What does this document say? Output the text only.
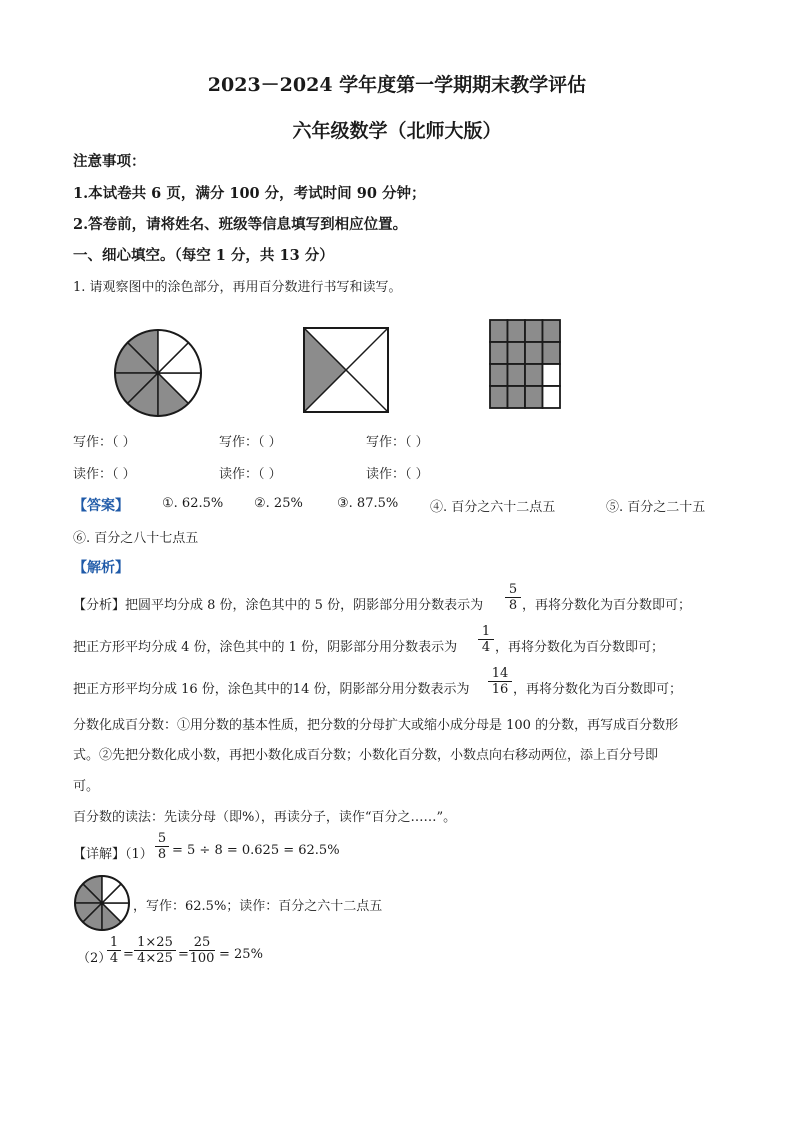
2023－2024 学年度第一学期期末教学评估
六年级数学（北师大版）
注意事项：
1.本试卷共 6 页，满分 100 分，考试时间 90 分钟；
2.答卷前，请将姓名、班级等信息填写到相应位置。
一、细心填空。（每空 1 分，共 13 分）
1. 请观察图中的涂色部分，再用百分数进行书写和读写。
写作：（ ）	写作：（ ）	写作：（ ）
读作：（ ）	读作：（ ）	读作：（ ）
【答案】	①. 62.5% ②. 25%	③. 87.5% ④. 百分之六十二点五	⑤. 百分之二十五
⑥. 百分之八十七点五
【解析】
【分析】把圆平均分成 8 份，涂色其中的 5 份，阴影部分用分数表示为 $\frac{5}{8}$ ，再将分数化为百分数即可；
把正方形平均分成 4 份，涂色其中的 1 份，阴影部分用分数表示为 $\frac{1}{4}$ ，再将分数化为百分数即可；
把正方形平均分成 16 份，涂色其中的14 份，阴影部分用分数表示为 $\frac{14}{16}$ ，再将分数化为百分数即可；
分数化成百分数：①用分数的基本性质，把分数的分母扩大或缩小成分母是 100 的分数，再写成百分数形
式。②先把分数化成小数，再把小数化成百分数；小数化百分数，小数点向右移动两位，添上百分号即
可。
百分数的读法：先读分母（即%），再读分子，读作“百分之……”。
【详解】$(1) \frac{5}{8} = 5 \div 8 = 0.625 = 62.5\%$
，写作：62.5%；读作：百分之六十二点五
（2）
$\frac{1}{4} = \frac{1\times 25}{4\times 25} = \frac{25}{100} = 25\%$
